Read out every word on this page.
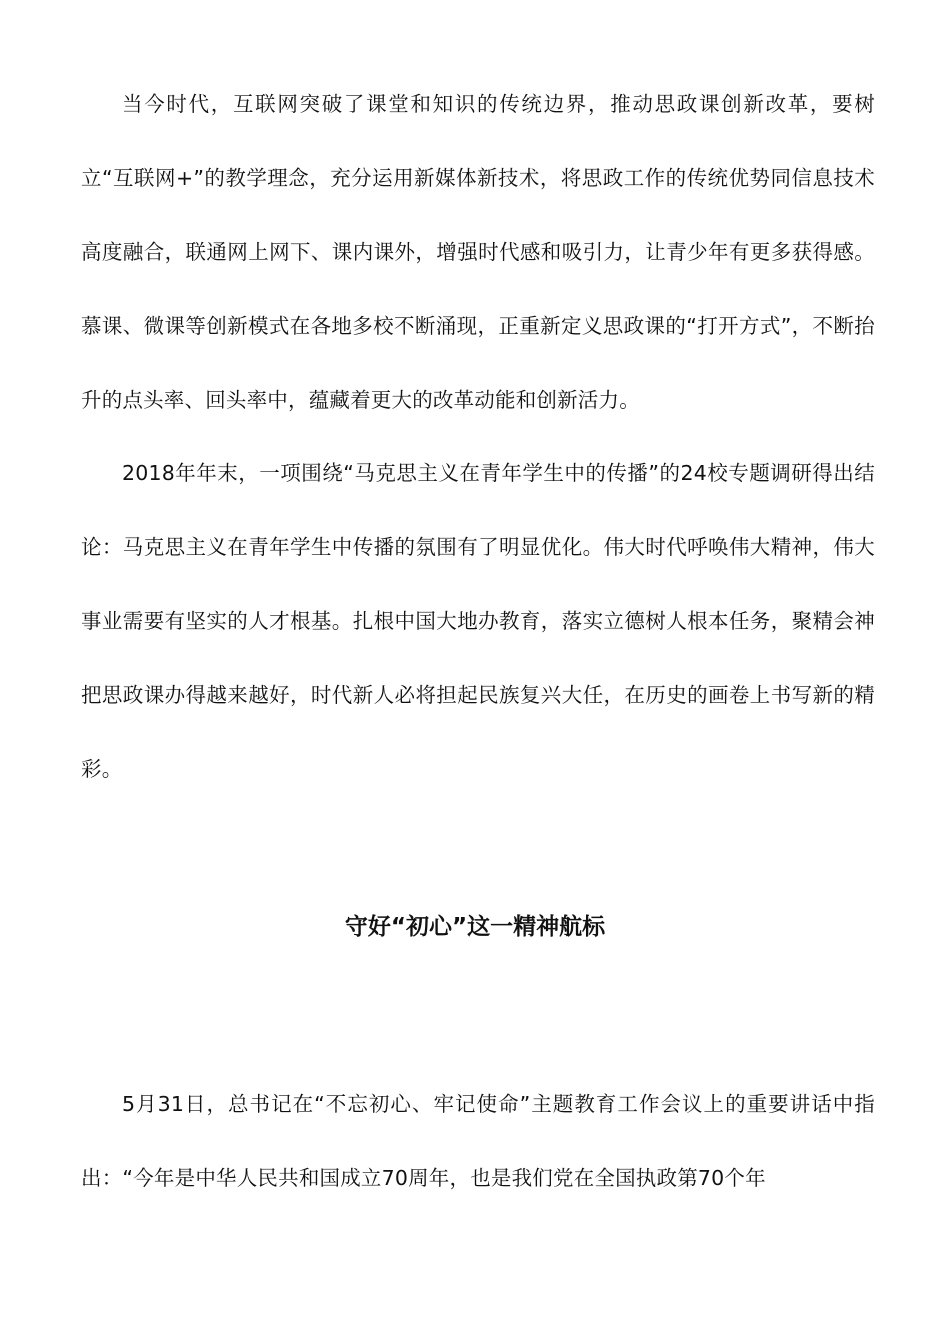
当今时代，互联网突破了课堂和知识的传统边界，推动思政课创新改革，要树立“互联网+”的教学理念，充分运用新媒体新技术，将思政工作的传统优势同信息技术高度融合，联通网上网下、课内课外，增强时代感和吸引力，让青少年有更多获得感。慕课、微课等创新模式在各地多校不断涌现，正重新定义思政课的“打开方式”，不断抬升的点头率、回头率中，蕴藏着更大的改革动能和创新活力。

2018年年末，一项围绕“马克思主义在青年学生中的传播”的24校专题调研得出结论：马克思主义在青年学生中传播的氛围有了明显优化。伟大时代呼唤伟大精神，伟大事业需要有坚实的人才根基。扎根中国大地办教育，落实立德树人根本任务，聚精会神把思政课办得越来越好，时代新人必将担起民族复兴大任，在历史的画卷上书写新的精彩。

守好“初心”这一精神航标

5月31日，总书记在“不忘初心、牢记使命”主题教育工作会议上的重要讲话中指出：“今年是中华人民共和国成立70周年，也是我们党在全国执政第70个年
